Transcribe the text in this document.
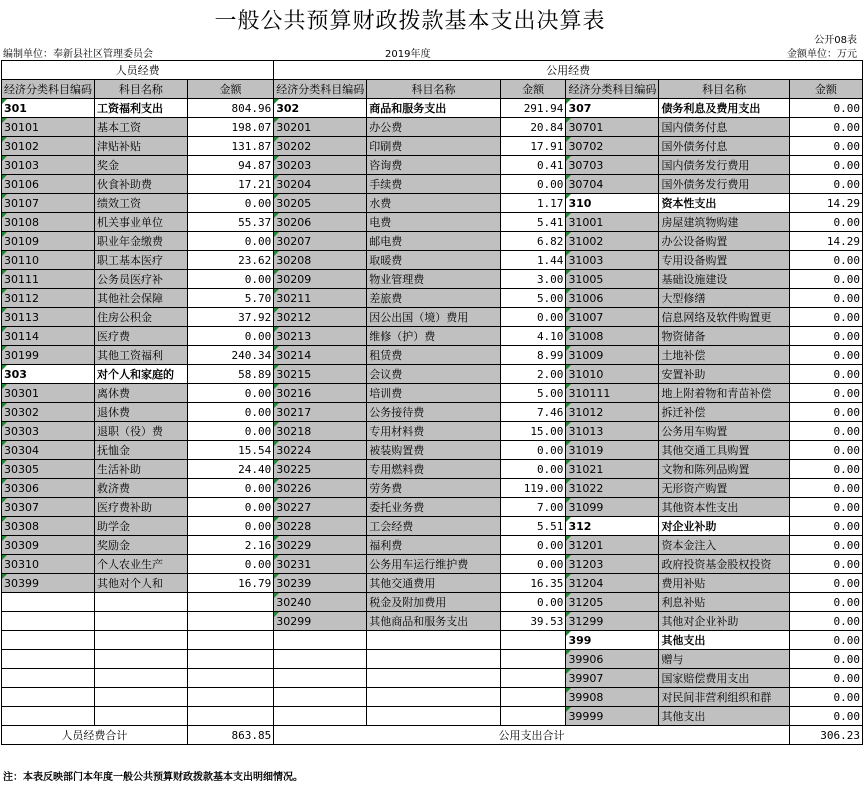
一般公共预算财政拨款基本支出决算表
公开08表
编制单位：奉新县社区管理委员会	2019年度	金额单位：万元
人员经费			公用经费					
经济分类科目编码	科目名称	金额	经济分类科目编码	科目名称	金额	经济分类科目编码	科目名称	金额
301	工资福利支出	804.96	302	商品和服务支出	291.94	307	债务利息及费用支出	0.00
30101	基本工资	198.07	30201	办公费	20.84	30701	国内债务付息	0.00
30102	津贴补贴	131.87	30202	印刷费	17.91	30702	国外债务付息	0.00
30103	奖金	94.87	30203	咨询费	0.41	30703	国内债务发行费用	0.00
30106	伙食补助费	17.21	30204	手续费	0.00	30704	国外债务发行费用	0.00
30107	绩效工资	0.00	30205	水费	1.17	310	资本性支出	14.29
30108	机关事业单位	55.37	30206	电费	5.41	31001	房屋建筑物购建	0.00
30109	职业年金缴费	0.00	30207	邮电费	6.82	31002	办公设备购置	14.29
30110	职工基本医疗	23.62	30208	取暖费	1.44	31003	专用设备购置	0.00
30111	公务员医疗补	0.00	30209	物业管理费	3.00	31005	基础设施建设	0.00
30112	其他社会保障	5.70	30211	差旅费	5.00	31006	大型修缮	0.00
30113	住房公积金	37.92	30212	因公出国（境）费用	0.00	31007	信息网络及软件购置更	0.00
30114	医疗费	0.00	30213	维修（护）费	4.10	31008	物资储备	0.00
30199	其他工资福利	240.34	30214	租赁费	8.99	31009	土地补偿	0.00
303	对个人和家庭的	58.89	30215	会议费	2.00	31010	安置补助	0.00
30301	离休费	0.00	30216	培训费	5.00	310111	地上附着物和青苗补偿	0.00
30302	退休费	0.00	30217	公务接待费	7.46	31012	拆迁补偿	0.00
30303	退职（役）费	0.00	30218	专用材料费	15.00	31013	公务用车购置	0.00
30304	抚恤金	15.54	30224	被装购置费	0.00	31019	其他交通工具购置	0.00
30305	生活补助	24.40	30225	专用燃料费	0.00	31021	文物和陈列品购置	0.00
30306	救济费	0.00	30226	劳务费	119.00	31022	无形资产购置	0.00
30307	医疗费补助	0.00	30227	委托业务费	7.00	31099	其他资本性支出	0.00
30308	助学金	0.00	30228	工会经费	5.51	312	对企业补助	0.00
30309	奖励金	2.16	30229	福利费	0.00	31201	资本金注入	0.00
30310	个人农业生产	0.00	30231	公务用车运行维护费	0.00	31203	政府投资基金股权投资	0.00
30399	其他对个人和	16.79	30239	其他交通费用	16.35	31204	费用补贴	0.00
			30240	税金及附加费用	0.00	31205	利息补贴	0.00
			30299	其他商品和服务支出	39.53	31299	其他对企业补助	0.00
						399	其他支出	0.00
						39906	赠与	0.00
						39907	国家赔偿费用支出	0.00
						39908	对民间非营利组织和群	0.00
						39999	其他支出	0.00
人员经费合计		863.85	公用支出合计					306.23
注：本表反映部门本年度一般公共预算财政拨款基本支出明细情况。
